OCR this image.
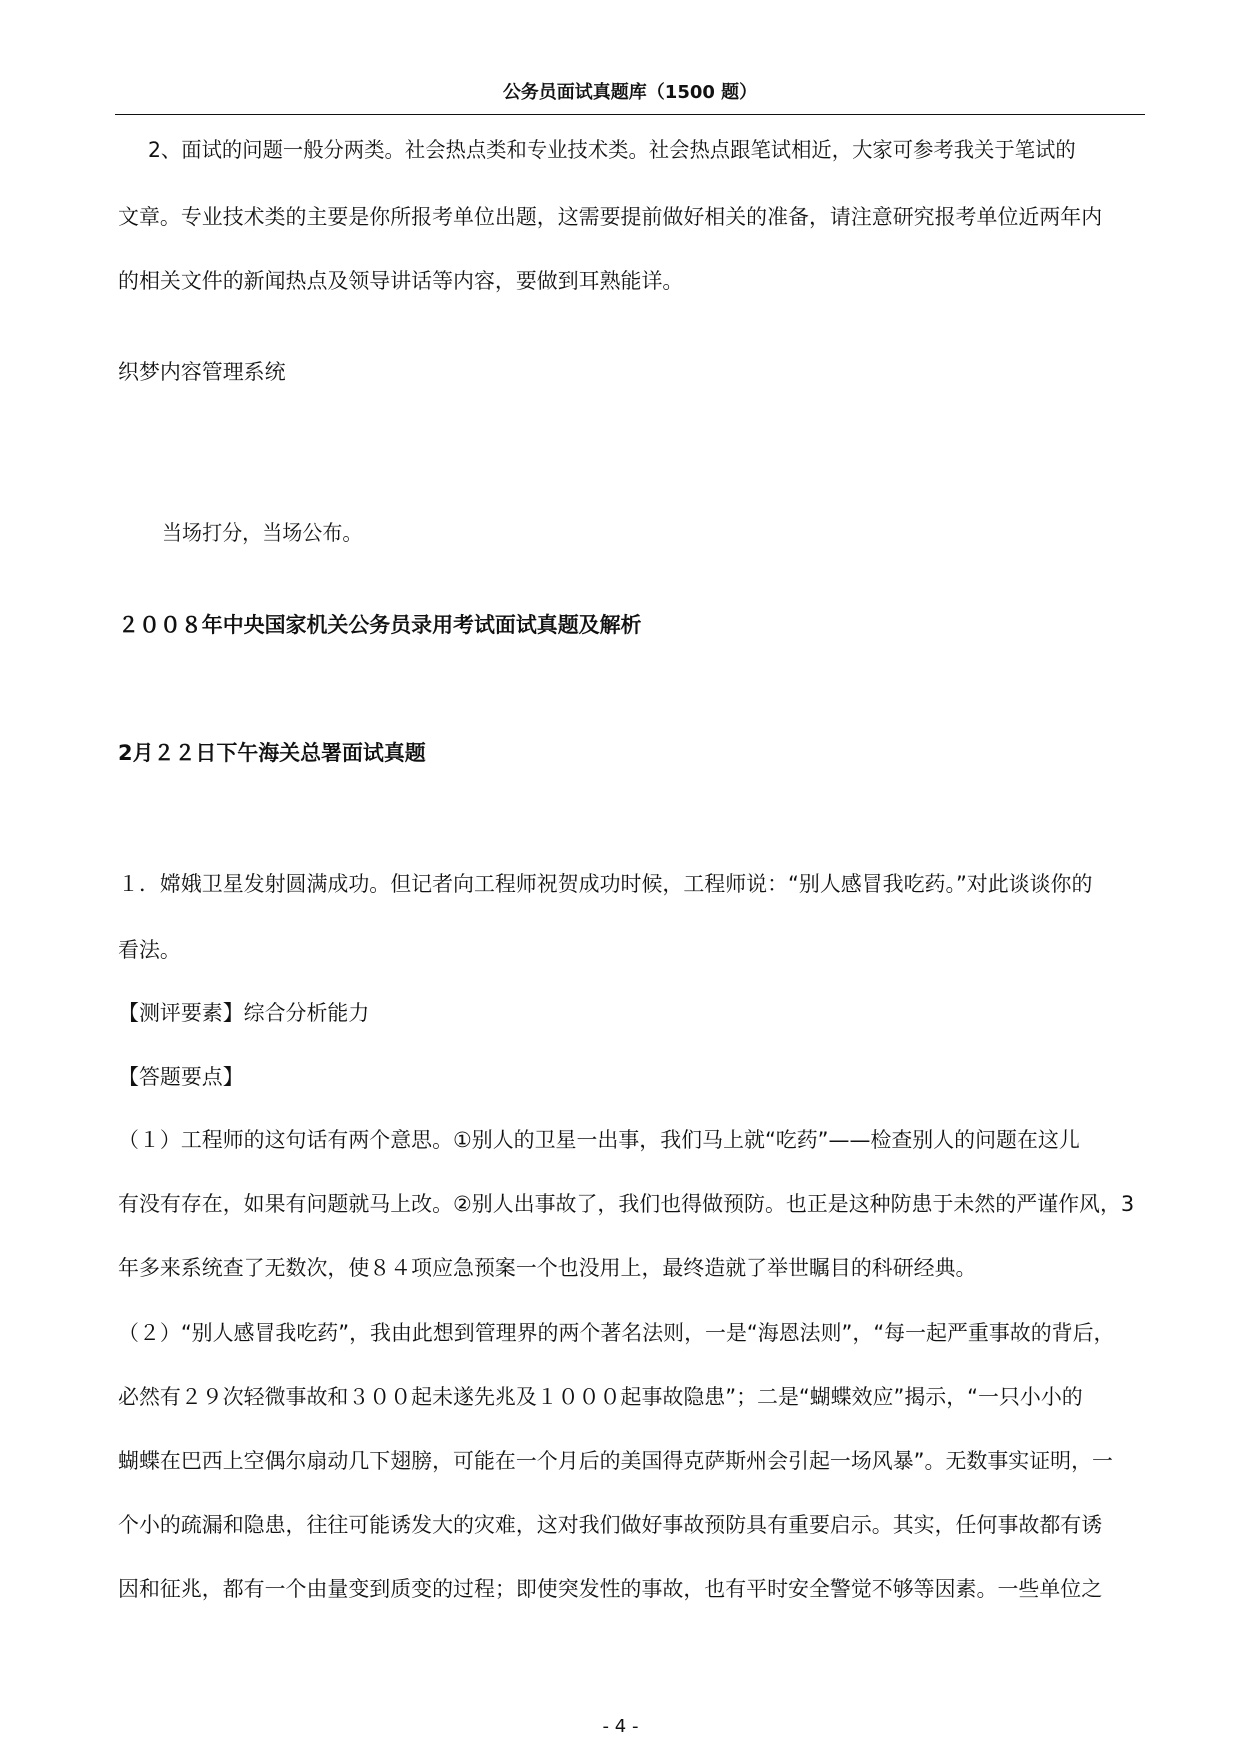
公务员面试真题库（1500 题）
2、面试的问题一般分两类。社会热点类和专业技术类。社会热点跟笔试相近，大家可参考我关于笔试的
文章。专业技术类的主要是你所报考单位出题，这需要提前做好相关的准备，请注意研究报考单位近两年内
的相关文件的新闻热点及领导讲话等内容，要做到耳熟能详。
织梦内容管理系统
当场打分，当场公布。
２００８年中央国家机关公务员录用考试面试真题及解析
2月２２日下午海关总署面试真题
１．嫦娥卫星发射圆满成功。但记者向工程师祝贺成功时候，工程师说：“别人感冒我吃药。”对此谈谈你的
看法。
【测评要素】综合分析能力
【答题要点】
（１）工程师的这句话有两个意思。①别人的卫星一出事，我们马上就“吃药”——检查别人的问题在这儿
有没有存在，如果有问题就马上改。②别人出事故了，我们也得做预防。也正是这种防患于未然的严谨作风，3
年多来系统查了无数次，使８４项应急预案一个也没用上，最终造就了举世瞩目的科研经典。
（２）“别人感冒我吃药”，我由此想到管理界的两个著名法则，一是“海恩法则”，“每一起严重事故的背后，
必然有２９次轻微事故和３００起未遂先兆及１０００起事故隐患”；二是“蝴蝶效应”揭示，“一只小小的
蝴蝶在巴西上空偶尔扇动几下翅膀，可能在一个月后的美国得克萨斯州会引起一场风暴”。无数事实证明，一
个小的疏漏和隐患，往往可能诱发大的灾难，这对我们做好事故预防具有重要启示。其实，任何事故都有诱
因和征兆，都有一个由量变到质变的过程；即使突发性的事故，也有平时安全警觉不够等因素。一些单位之
- 4 -
